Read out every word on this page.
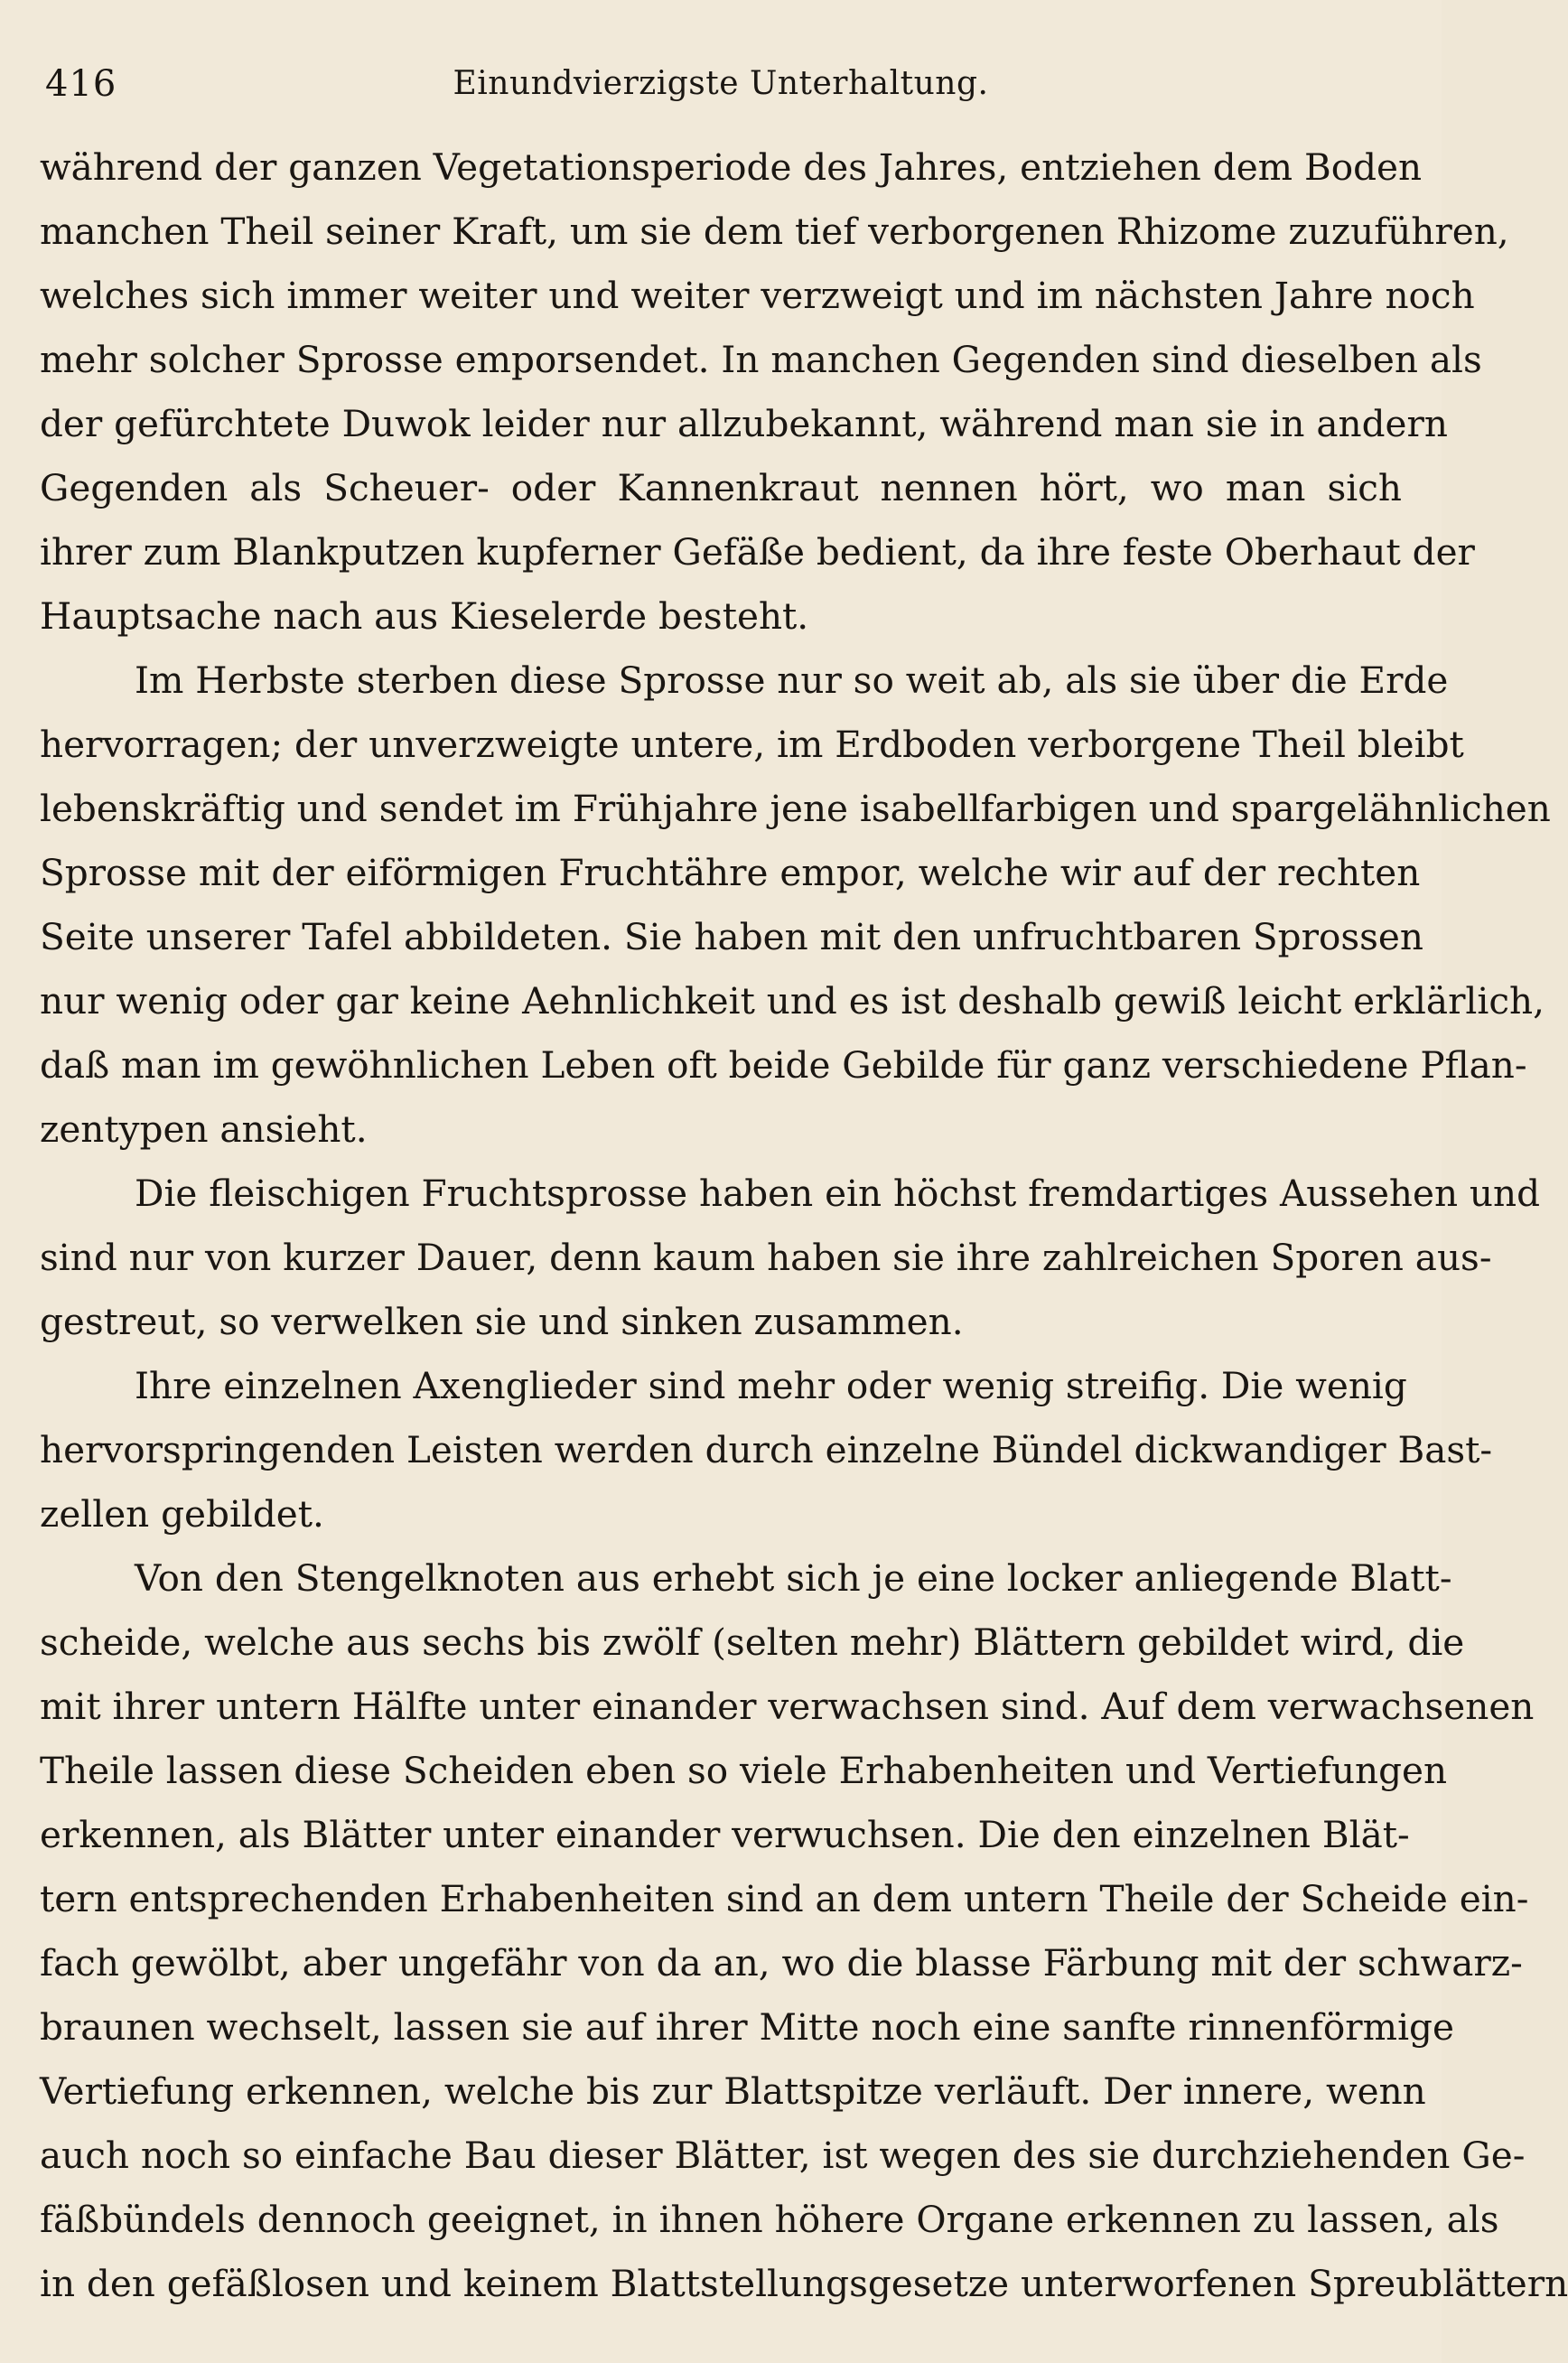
416	Einundvierzigste Unterhaltung.
während der ganzen Vegetationsperiode des Jahres, entziehen dem Boden
manchen Theil seiner Kraft, um sie dem tief verborgenen Rhizome zuzuführen,
welches sich immer weiter und weiter verzweigt und im nächsten Jahre noch
mehr solcher Sprosse emporsendet. In manchen Gegenden sind dieselben als
der gefürchtete Duwok leider nur allzubekannt, während man sie in andern
Gegenden als Scheuer- oder Kannenkraut nennen hört, wo man sich
ihrer zum Blankputzen kupferner Gefäße bedient, da ihre feste Oberhaut der
Hauptsache nach aus Kieselerde besteht.
Im Herbste sterben diese Sprosse nur so weit ab, als sie über die Erde
hervorragen; der unverzweigte untere, im Erdboden verborgene Theil bleibt
lebenskräftig und sendet im Frühjahre jene isabellfarbigen und spargelähnlichen
Sprosse mit der eiförmigen Fruchtähre empor, welche wir auf der rechten
Seite unserer Tafel abbildeten. Sie haben mit den unfruchtbaren Sprossen
nur wenig oder gar keine Aehnlichkeit und es ist deshalb gewiß leicht erklärlich,
daß man im gewöhnlichen Leben oft beide Gebilde für ganz verschiedene Pflan-
zentypen ansieht.
Die fleischigen Fruchtsprosse haben ein höchst fremdartiges Aussehen und
sind nur von kurzer Dauer, denn kaum haben sie ihre zahlreichen Sporen aus-
gestreut, so verwelken sie und sinken zusammen.
Ihre einzelnen Axenglieder sind mehr oder wenig streifig. Die wenig
hervorspringenden Leisten werden durch einzelne Bündel dickwandiger Bast-
zellen gebildet.
Von den Stengelknoten aus erhebt sich je eine locker anliegende Blatt-
scheide, welche aus sechs bis zwölf (selten mehr) Blättern gebildet wird, die
mit ihrer untern Hälfte unter einander verwachsen sind. Auf dem verwachsenen
Theile lassen diese Scheiden eben so viele Erhabenheiten und Vertiefungen
erkennen, als Blätter unter einander verwuchsen. Die den einzelnen Blät-
tern entsprechenden Erhabenheiten sind an dem untern Theile der Scheide ein-
fach gewölbt, aber ungefähr von da an, wo die blasse Färbung mit der schwarz-
braunen wechselt, lassen sie auf ihrer Mitte noch eine sanfte rinnenförmige
Vertiefung erkennen, welche bis zur Blattspitze verläuft. Der innere, wenn
auch noch so einfache Bau dieser Blätter, ist wegen des sie durchziehenden Ge-
fäßbündels dennoch geeignet, in ihnen höhere Organe erkennen zu lassen, als
in den gefäßlosen und keinem Blattstellungsgesetze unterworfenen Spreublättern
